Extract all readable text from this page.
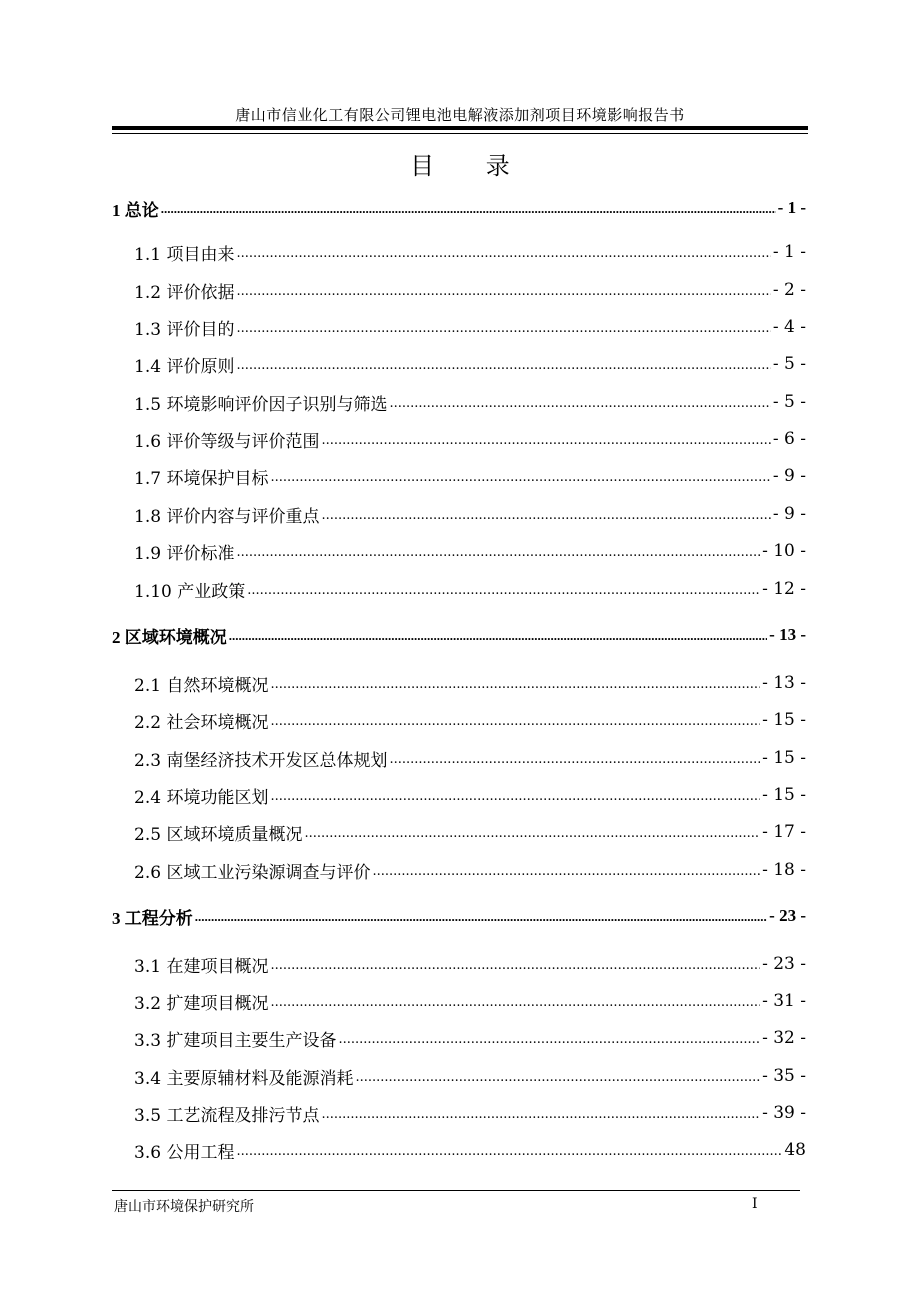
唐山市信业化工有限公司锂电池电解液添加剂项目环境影响报告书
目 录
1 总论 .....	- 1 -
1.1 项目由来 .....	- 1 -
1.2 评价依据 .....	- 2 -
1.3 评价目的 .....	- 4 -
1.4 评价原则 .....	- 5 -
1.5 环境影响评价因子识别与筛选 .....	- 5 -
1.6 评价等级与评价范围 .....	- 6 -
1.7 环境保护目标 .....	- 9 -
1.8 评价内容与评价重点 .....	- 9 -
1.9 评价标准 .....	- 10 -
1.10 产业政策 .....	- 12 -
2 区域环境概况 .....	- 13 -
2.1 自然环境概况 .....	- 13 -
2.2 社会环境概况 .....	- 15 -
2.3 南堡经济技术开发区总体规划 .....	- 15 -
2.4 环境功能区划 .....	- 15 -
2.5 区域环境质量概况 .....	- 17 -
2.6 区域工业污染源调查与评价 .....	- 18 -
3 工程分析 .....	- 23 -
3.1 在建项目概况 .....	- 23 -
3.2 扩建项目概况 .....	- 31 -
3.3 扩建项目主要生产设备 .....	- 32 -
3.4 主要原辅材料及能源消耗 .....	- 35 -
3.5 工艺流程及排污节点 .....	- 39 -
3.6 公用工程 .....	48
唐山市环境保护研究所	I
